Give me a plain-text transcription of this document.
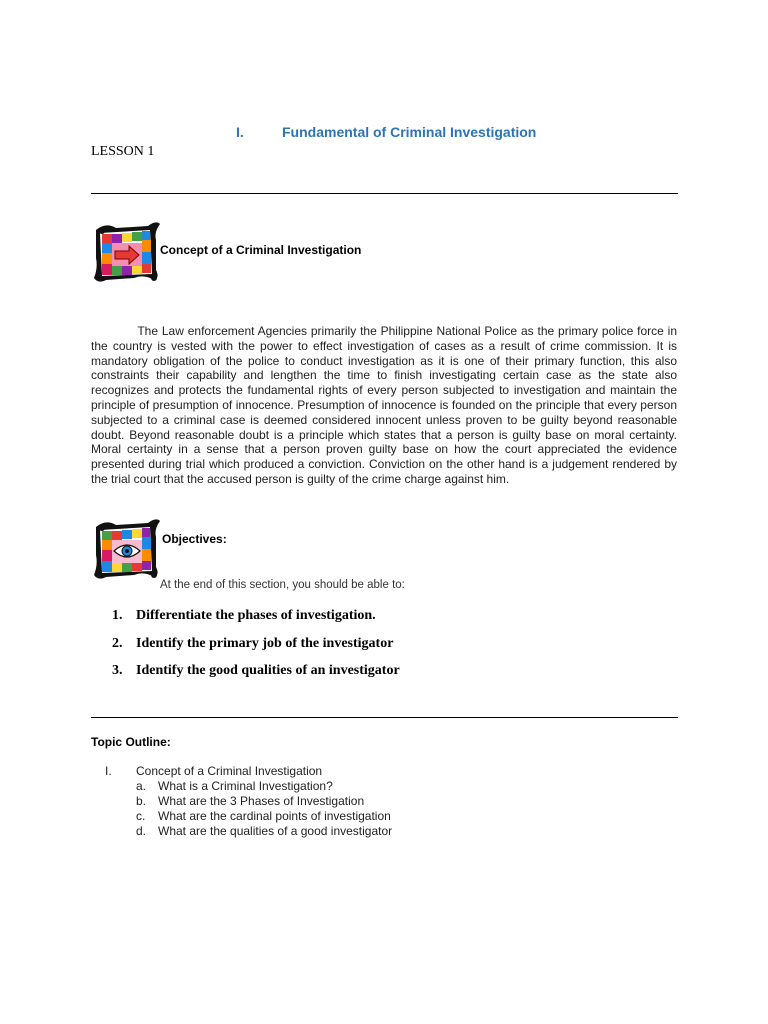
I.	Fundamental of Criminal Investigation
LESSON 1
Concept of a Criminal Investigation
The Law enforcement Agencies primarily the Philippine National Police as the primary police force in the country is vested with the power to effect investigation of cases as a result of crime commission. It is mandatory obligation of the police to conduct investigation as it is one of their primary function, this also constraints their capability and lengthen the time to finish investigating certain case as the state also recognizes and protects the fundamental rights of every person subjected to investigation and maintain the principle of presumption of innocence. Presumption of innocence is founded on the principle that every person subjected to a criminal case is deemed considered innocent unless proven to be guilty beyond reasonable doubt. Beyond reasonable doubt is a principle which states that a person is guilty base on moral certainty. Moral certainty in a sense that a person proven guilty base on how the court appreciated the evidence presented during trial which produced a conviction. Conviction on the other hand is a judgement rendered by the trial court that the accused person is guilty of the crime charge against him.
Objectives:
At the end of this section, you should be able to:
1. Differentiate the phases of investigation.
2. Identify the primary job of the investigator
3. Identify the good qualities of an investigator
Topic Outline:
I. Concept of a Criminal Investigation
a. What is a Criminal Investigation?
b. What are the 3 Phases of Investigation
c. What are the cardinal points of investigation
d. What are the qualities of a good investigator
